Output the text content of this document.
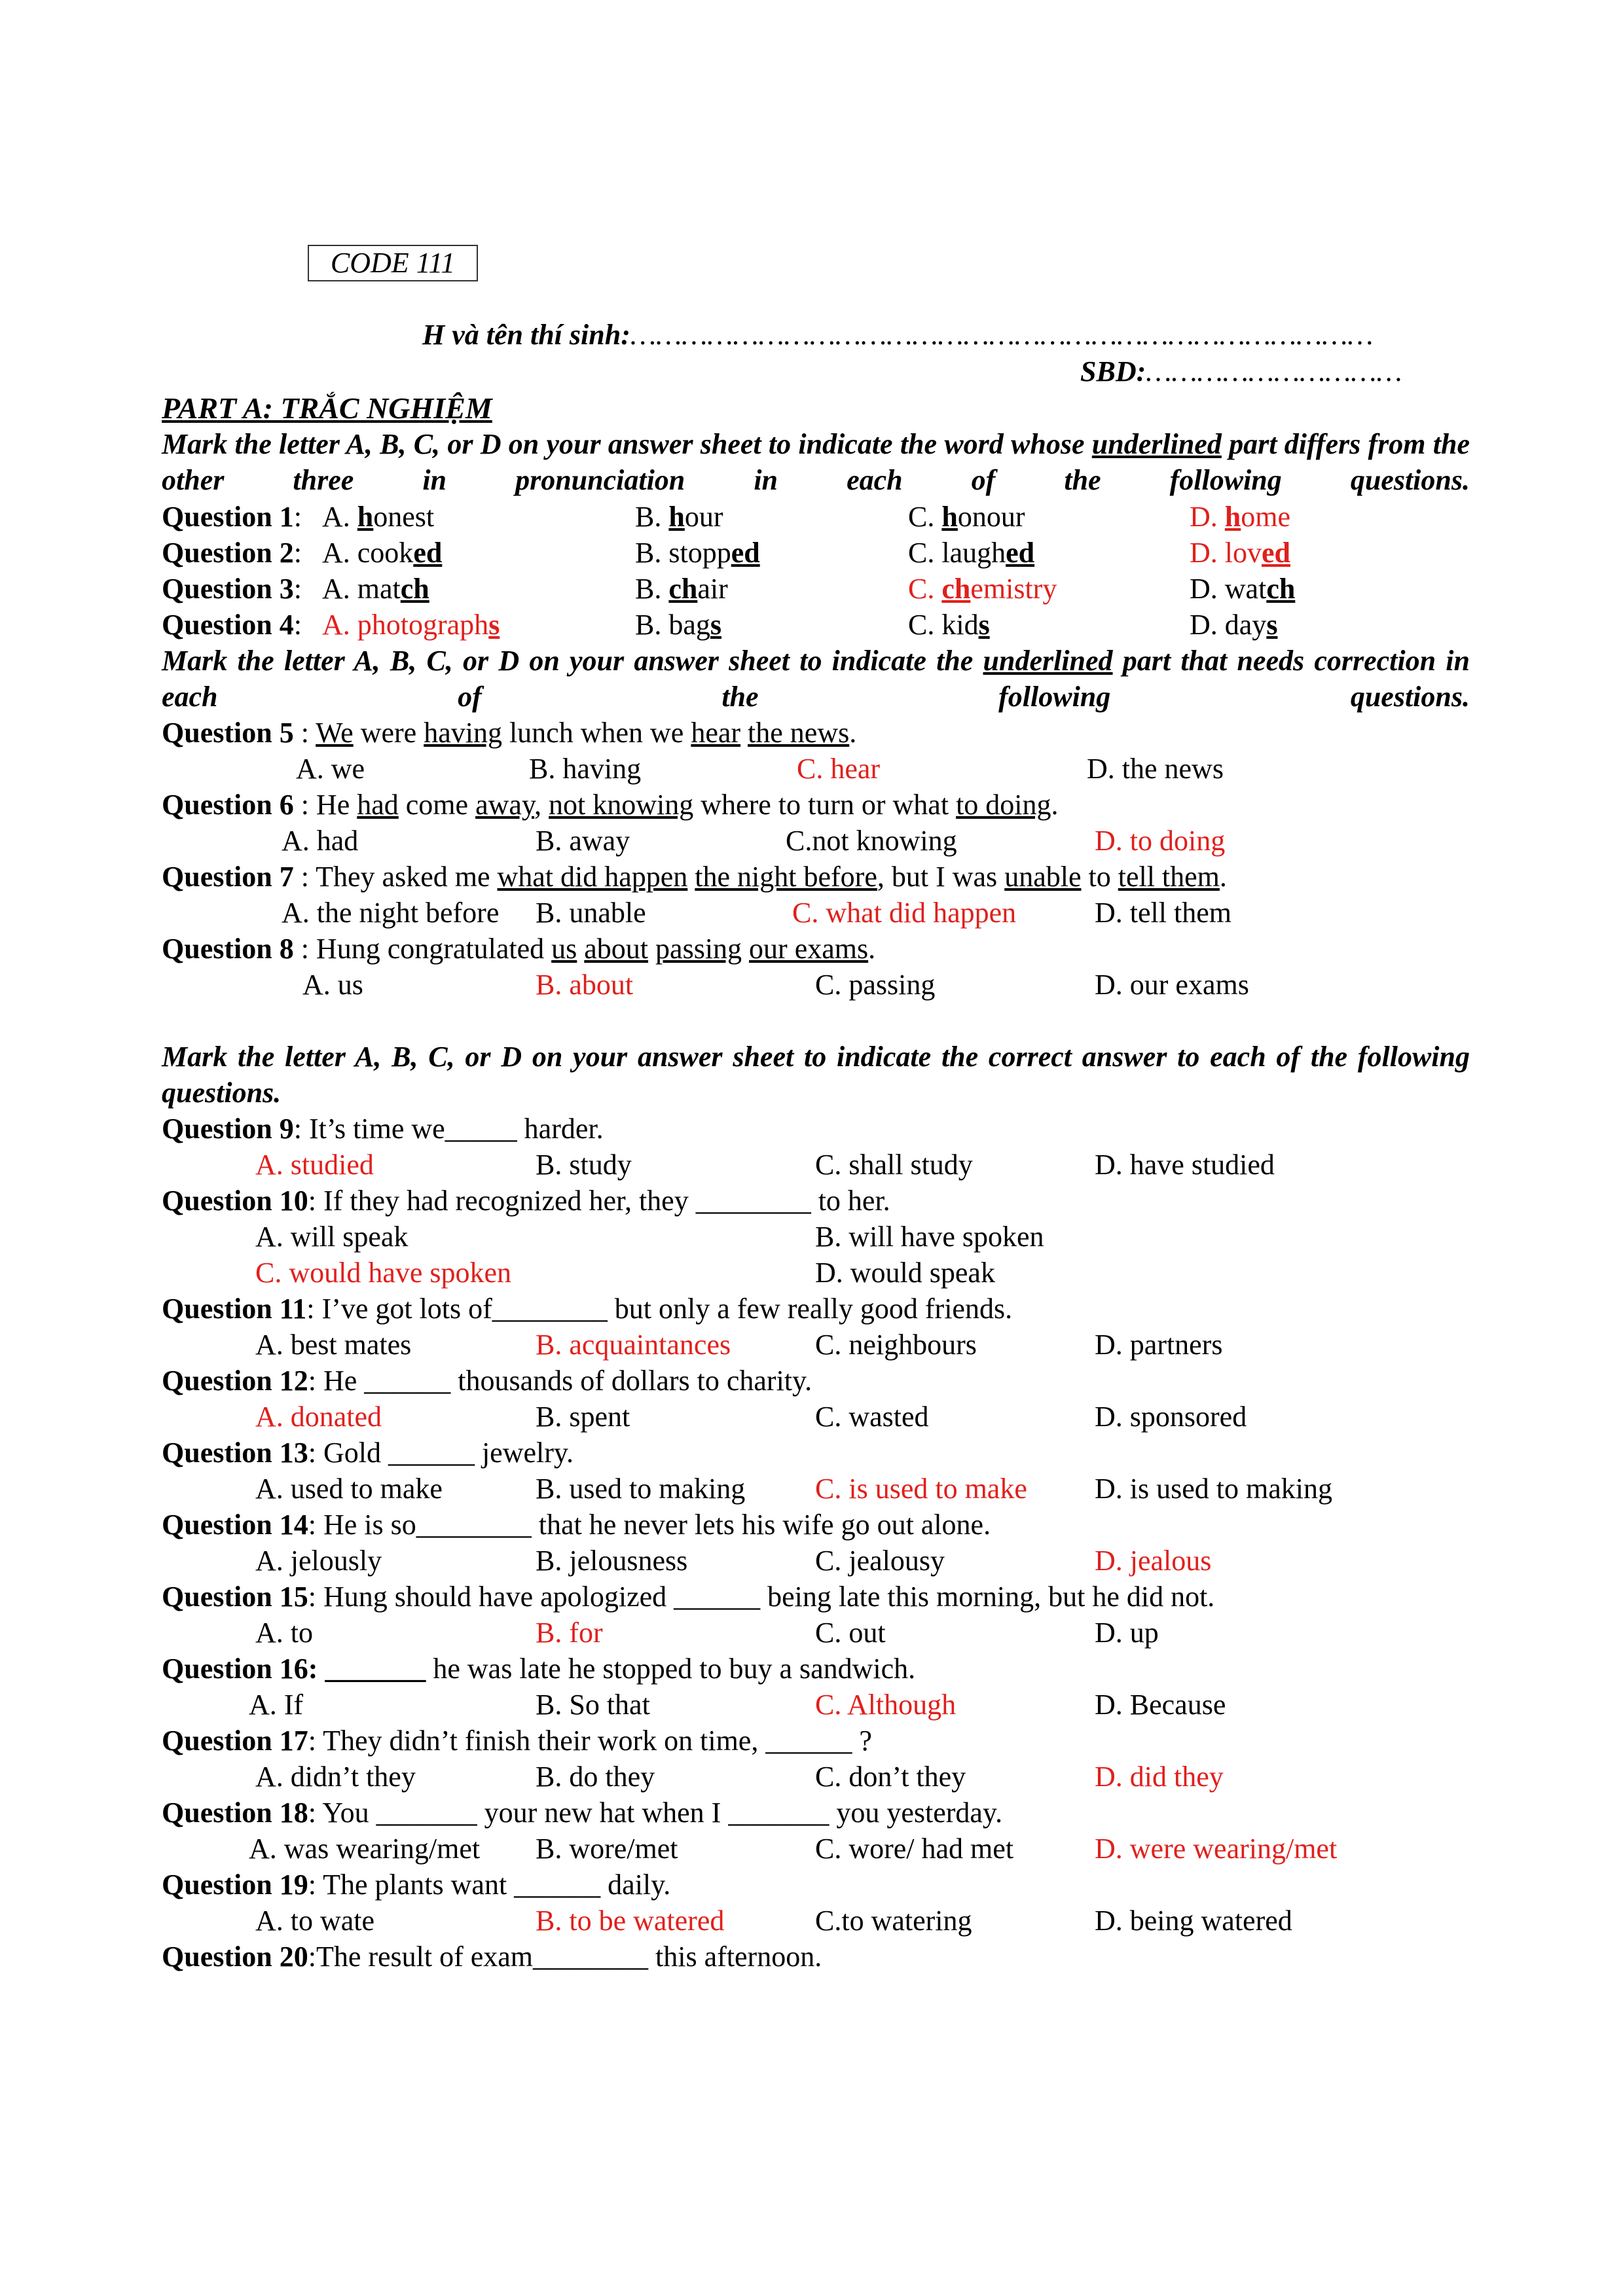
CODE 111
H và tên thí sinh:……………………………………………………………………………
SBD:…………………………
PART A: TRẮC NGHIỆM
Mark the letter A, B, C, or D on your answer sheet to indicate the word whose underlined part differs from the other three in pronunciation in each of the following questions.
Question 1: A. honest	B. hour	C. honour	D. home
Question 2: A. cooked	B. stopped	C. laughed	D. loved
Question 3: A. match	B. chair	C. chemistry	D. watch
Question 4: A. photographs	B. bags	C. kids	D. days
Mark the letter A, B, C, or D on your answer sheet to indicate the underlined part that needs correction in each of the following questions.
Question 5 : We were having lunch when we hear the news.
A. we	B. having	C. hear	D. the news
Question 6 : He had come away, not knowing where to turn or what to doing.
A. had	B. away	C.not knowing	D. to doing
Question 7 : They asked me what did happen the night before, but I was unable to tell them.
A. the night before B. unable	C. what did happen	D. tell them
Question 8 : Hung congratulated us about passing our exams.
A. us	B. about	C. passing	D. our exams
Mark the letter A, B, C, or D on your answer sheet to indicate the correct answer to each of the following questions.
Question 9: It’s time we_____ harder.
A. studied	B. study	C. shall study	D. have studied
Question 10: If they had recognized her, they ________ to her.
A. will speak	B. will have spoken
C. would have spoken	D. would speak
Question 11: I’ve got lots of________ but only a few really good friends.
A. best mates	B. acquaintances	C. neighbours	D. partners
Question 12: He ______ thousands of dollars to charity.
A. donated	B. spent	C. wasted	D. sponsored
Question 13: Gold ______ jewelry.
A. used to make	B. used to making C. is used to make D. is used to making
Question 14: He is so________ that he never lets his wife go out alone.
A. jelously	B. jelousness	C. jealousy	D. jealous
Question 15: Hung should have apologized ______ being late this morning, but he did not.
A. to	B. for	C. out	D. up
Question 16: _______ he was late he stopped to buy a sandwich.
A. If	B. So that	C. Although	D. Because
Question 17: They didn’t finish their work on time, ______ ?
A. didn’t they	B. do they	C. don’t they	D. did they
Question 18: You _______ your new hat when I _______ you yesterday.
A. was wearing/met B. wore/met	C. wore/ had met	D. were wearing/met
Question 19: The plants want ______ daily.
A. to wate	B. to be watered	C.to watering	D. being watered
Question 20:The result of exam________ this afternoon.
